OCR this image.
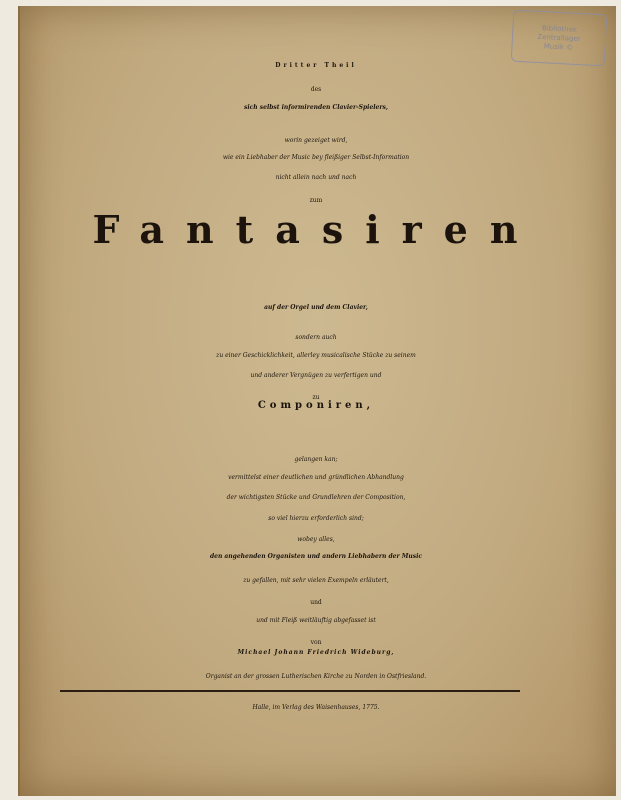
Bibliothek
Zentrallager
Musik ©
Dritter Theil
des
sich selbst informirenden Clavier-Spielers,
worin gezeiget wird,
wie ein Liebhaber der Music bey fleißiger Selbst-Information
nicht allein nach und nach
zum
Fantasiren
auf der Orgel und dem Clavier,
sondern auch
zu einer Geschicklichkeit, allerley musicalische Stücke zu seinem
und anderer Vergnügen zu verfertigen und
zu
Componiren,
gelangen kan;
vermittelst einer deutlichen und gründlichen Abhandlung
der wichtigsten Stücke und Grundlehren der Composition,
so viel hierzu erforderlich sind;
wobey alles,
den angehenden Organisten und andern Liebhabern der Music
zu gefallen, mit sehr vielen Exempeln erläutert,
und
und mit Fleiß weitläuftig abgefasset ist
von
Michael Johann Friedrich Wideburg,
Organist an der grossen Lutherischen Kirche zu Norden in Ostfriesland.
Halle, im Verlag des Waisenhauses, 1775.
